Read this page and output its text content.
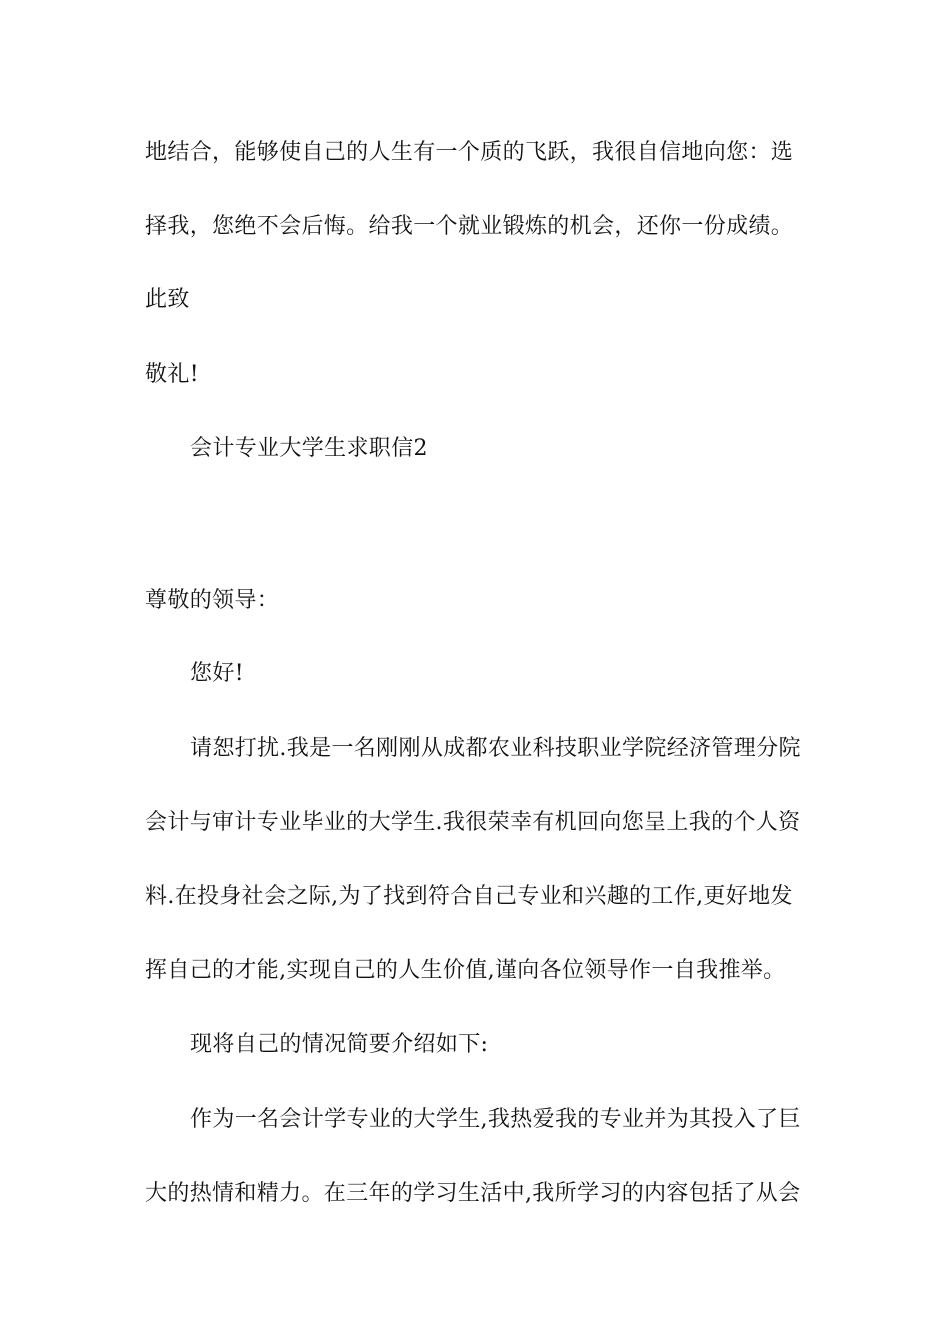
地结合，能够使自己的人生有一个质的飞跃，我很自信地向您：选
择我，您绝不会后悔。给我一个就业锻炼的机会，还你一份成绩。
此致
敬礼!
会计专业大学生求职信2
尊敬的领导：
您好!
请恕打扰.我是一名刚刚从成都农业科技职业学院经济管理分院
会计与审计专业毕业的大学生.我很荣幸有机回向您呈上我的个人资
料.在投身社会之际,为了找到符合自己专业和兴趣的工作,更好地发
挥自己的才能,实现自己的人生价值,谨向各位领导作一自我推举。
现将自己的情况简要介绍如下:
作为一名会计学专业的大学生,我热爱我的专业并为其投入了巨
大的热情和精力。在三年的学习生活中,我所学习的内容包括了从会
